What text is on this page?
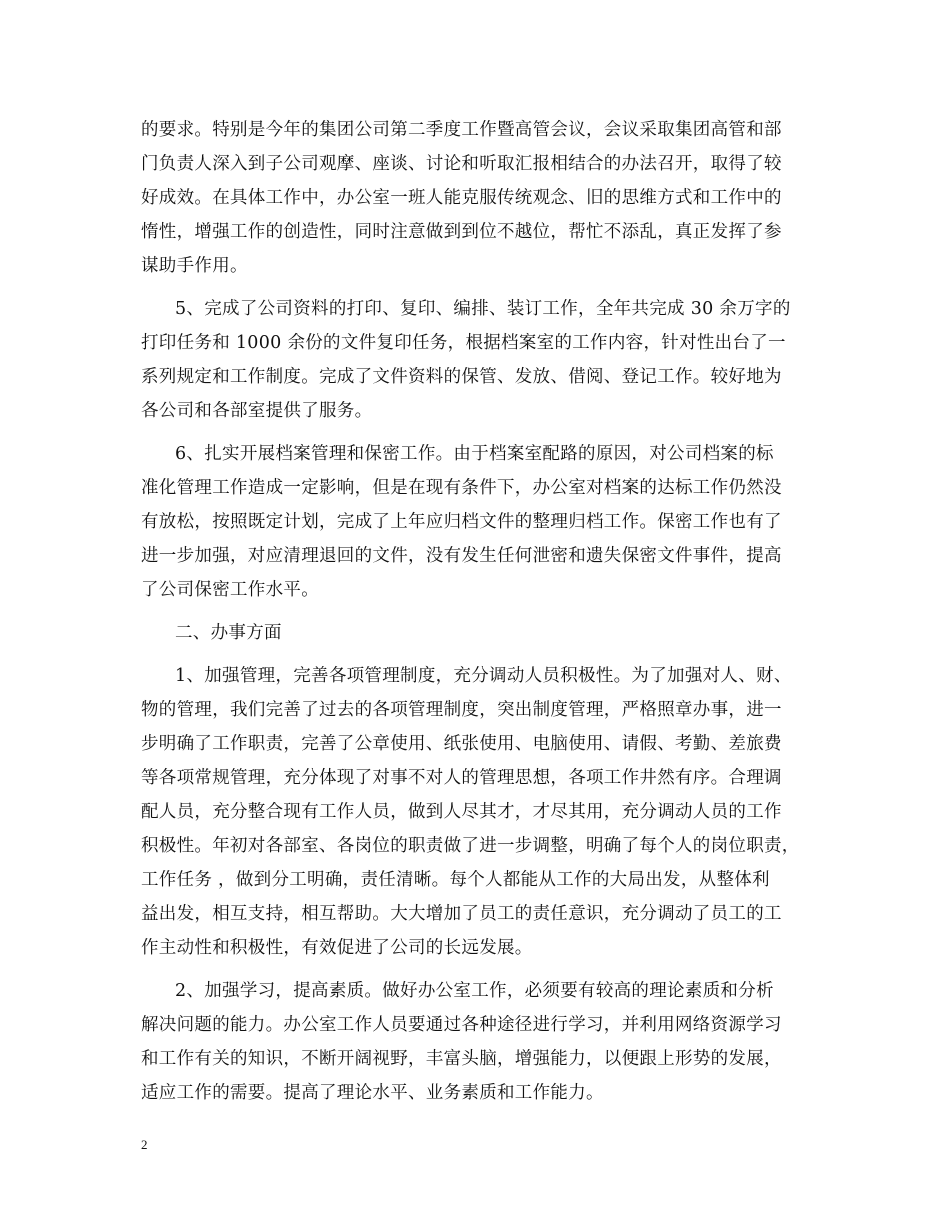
的要求。特别是今年的集团公司第二季度工作暨高管会议，会议采取集团高管和部
门负责人深入到子公司观摩、座谈、讨论和听取汇报相结合的办法召开，取得了较
好成效。在具体工作中，办公室一班人能克服传统观念、旧的思维方式和工作中的
惰性，增强工作的创造性，同时注意做到到位不越位，帮忙不添乱，真正发挥了参
谋助手作用。
5、完成了公司资料的打印、复印、编排、装订工作，全年共完成 30 余万字的
打印任务和 1000 余份的文件复印任务，根据档案室的工作内容，针对性出台了一
系列规定和工作制度。完成了文件资料的保管、发放、借阅、登记工作。较好地为
各公司和各部室提供了服务。
6、扎实开展档案管理和保密工作。由于档案室配路的原因，对公司档案的标
准化管理工作造成一定影响，但是在现有条件下，办公室对档案的达标工作仍然没
有放松，按照既定计划，完成了上年应归档文件的整理归档工作。保密工作也有了
进一步加强，对应清理退回的文件，没有发生任何泄密和遗失保密文件事件，提高
了公司保密工作水平。
二、办事方面
1、加强管理，完善各项管理制度，充分调动人员积极性。为了加强对人、财、
物的管理，我们完善了过去的各项管理制度，突出制度管理，严格照章办事，进一
步明确了工作职责，完善了公章使用、纸张使用、电脑使用、请假、考勤、差旅费
等各项常规管理，充分体现了对事不对人的管理思想，各项工作井然有序。合理调
配人员，充分整合现有工作人员，做到人尽其才，才尽其用，充分调动人员的工作
积极性。年初对各部室、各岗位的职责做了进一步调整，明确了每个人的岗位职责，
工作任务 ，做到分工明确，责任清晰。每个人都能从工作的大局出发，从整体利
益出发，相互支持，相互帮助。大大增加了员工的责任意识，充分调动了员工的工
作主动性和积极性，有效促进了公司的长远发展。
2、加强学习，提高素质。做好办公室工作，必须要有较高的理论素质和分析
解决问题的能力。办公室工作人员要通过各种途径进行学习，并利用网络资源学习
和工作有关的知识，不断开阔视野，丰富头脑，增强能力，以便跟上形势的发展，
适应工作的需要。提高了理论水平、业务素质和工作能力。
2
